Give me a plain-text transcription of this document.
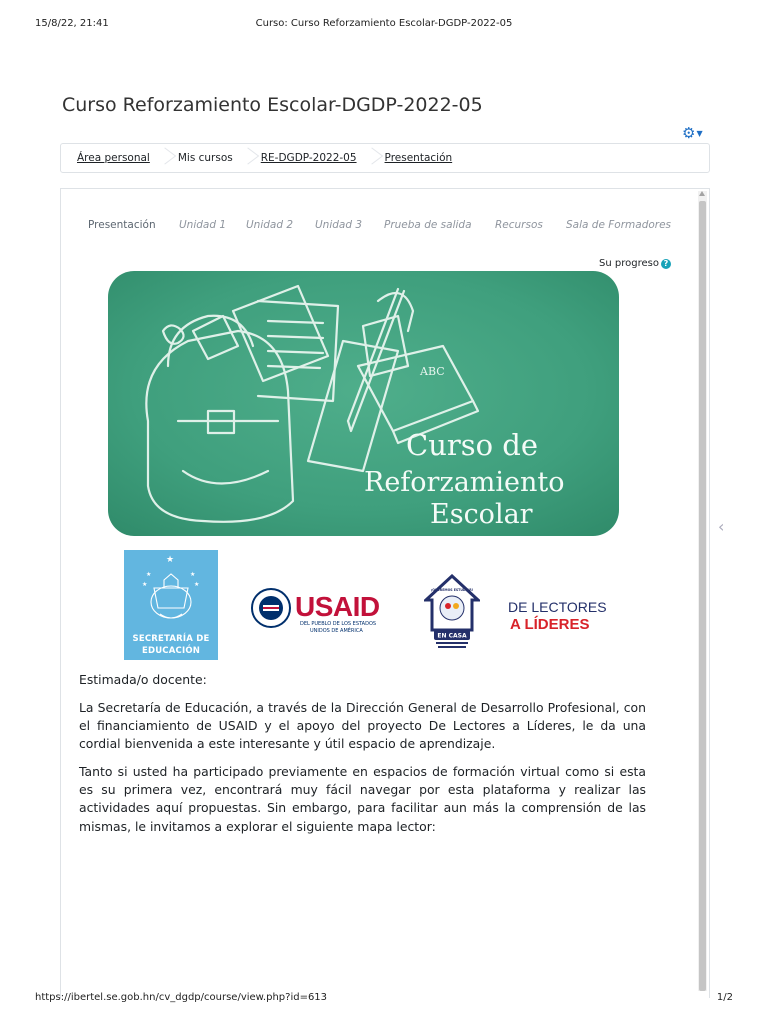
15/8/22, 21:41	Curso: Curso Reforzamiento Escolar-DGDP-2022-05
Curso Reforzamiento Escolar-DGDP-2022-05
⚙▼
Área personal	Mis cursos	RE-DGDP-2022-05	Presentación
Presentación Unidad 1 Unidad 2 Unidad 3 Prueba de salida Recursos Sala de Formadores
Su progreso ?
ABC
Curso de
Reforzamiento
Escolar	‹
★
★	★
★	★
SECRETARÍA DE
EDUCACIÓN
USAID
DEL PUEBLO DE LOS ESTADOS
UNIDOS DE AMÉRICA
EN CASA
¡QUEREMOS ESTUDIAR!
DE LECTORES
A LÍDERES

Estimada/o docente:

La Secretaría de Educación, a través de la Dirección General de Desarrollo Profesional, con el financiamiento de USAID y el apoyo del proyecto De Lectores a Líderes, le da una cordial bienvenida a este interesante y útil espacio de aprendizaje.

Tanto si usted ha participado previamente en espacios de formación virtual como si esta es su primera vez, encontrará muy fácil navegar por esta plataforma y realizar las actividades aquí propuestas. Sin embargo, para facilitar aun más la comprensión de las mismas, le invitamos a explorar el siguiente mapa lector:

https://ibertel.se.gob.hn/cv_dgdp/course/view.php?id=613	1/2
